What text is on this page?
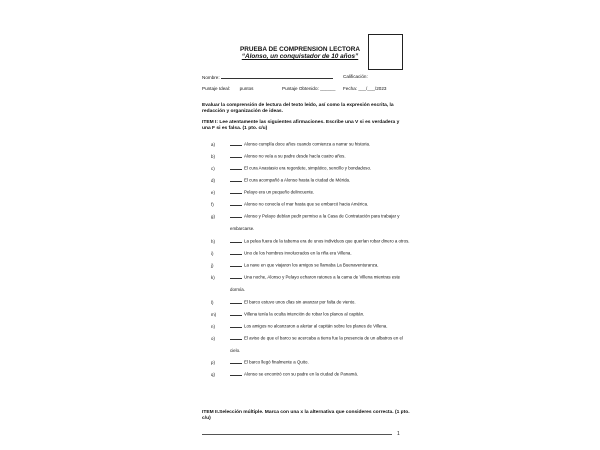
PRUEBA DE COMPRENSION LECTORA
“Alonso, un conquistador de 10 años”
Nombre:	Calificación:
Puntaje Ideal: puntos	Puntaje Obtenido: ______ Fecha: ___/___/2023
Evaluar la comprensión de lectura del texto leído, así como la expresión escrita, la redacción y organización de ideas.
ITEM I: Lee atentamente las siguientes afirmaciones. Escribe una V si es verdadera y una F si es falsa. (1 pto. c/u)
a)	Alonso cumplía doce años cuando comienza a narrar su historia.
b)	Alonso no veía a su padre desde hacía cuatro años.
c)	El cura Anastasio era regordete, simpático, sencillo y bondadoso.
d)	El cura acompañó a Alonso hasta la ciudad de Mérida.
e)	Pelayo era un pequeño delincuente.
f)	Alonso no conocía el mar hasta que se embarcó hacia América.
g)	Alonso y Pelayo debían pedir permiso a la Casa de Contratación para trabajar y
embarcarse.
h)	La pelea fuera de la taberna era de unos individuos que querían robar dinero a otros.
i)	Uno de los hombres involucrados en la riña era Villena.
j)	La nave en que viajaron los amigos se llamaba La Buenaventuranza.
k)	Una noche, Alonso y Pelayo echaron ratones a la cama de Villena mientras este
dormía.
l)	El barco estuvo unos días sin avanzar por falta de viento.
m)	Villena tenía la oculta intención de robar los planos al capitán.
n)	Los amigos no alcanzaron a alertar al capitán sobre los planes de Villena.
o)	El aviso de que el barco se acercaba a tierra fue la presencia de un albatros en el
cielo.
p)	El barco llegó finalmente a Quito.
q)	Alonso se encontró con su padre en la ciudad de Panamá.
ITEM II.Selección múltiple. Marca con una x la alternativa que consideres correcta. (1 pto. c/u)
1
